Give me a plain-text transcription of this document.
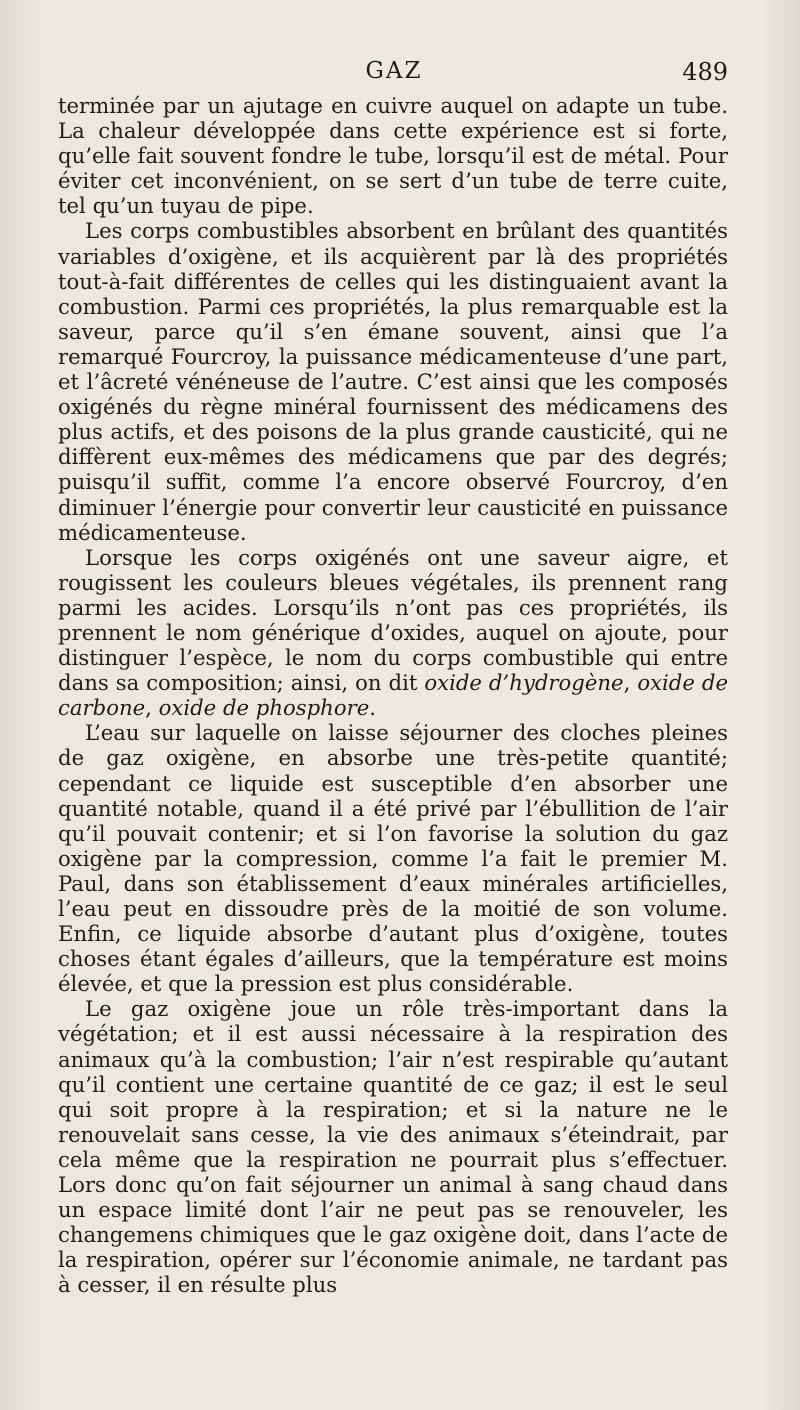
GAZ	489

terminée par un ajutage en cuivre auquel on adapte un tube. La chaleur développée dans cette expérience est si forte, qu’elle fait souvent fondre le tube, lorsqu’il est de métal. Pour éviter cet inconvénient, on se sert d’un tube de terre cuite, tel qu’un tuyau de pipe.

Les corps combustibles absorbent en brûlant des quantités variables d’oxigène, et ils acquièrent par là des propriétés tout-à-fait différentes de celles qui les distinguaient avant la combustion. Parmi ces propriétés, la plus remarquable est la saveur, parce qu’il s’en émane souvent, ainsi que l’a remarqué Fourcroy, la puissance médicamenteuse d’une part, et l’âcreté vénéneuse de l’autre. C’est ainsi que les composés oxigénés du règne minéral fournissent des médicamens des plus actifs, et des poisons de la plus grande causticité, qui ne diffèrent eux-mêmes des médicamens que par des degrés; puisqu’il suffit, comme l’a encore observé Fourcroy, d’en diminuer l’énergie pour convertir leur causticité en puissance médicamenteuse.

Lorsque les corps oxigénés ont une saveur aigre, et rougissent les couleurs bleues végétales, ils prennent rang parmi les acides. Lorsqu’ils n’ont pas ces propriétés, ils prennent le nom générique d’oxides, auquel on ajoute, pour distinguer l’espèce, le nom du corps combustible qui entre dans sa composition; ainsi, on dit oxide d’hydrogène, oxide de carbone, oxide de phosphore.

L’eau sur laquelle on laisse séjourner des cloches pleines de gaz oxigène, en absorbe une très-petite quantité; cependant ce liquide est susceptible d’en absorber une quantité notable, quand il a été privé par l’ébullition de l’air qu’il pouvait contenir; et si l’on favorise la solution du gaz oxigène par la compression, comme l’a fait le premier M. Paul, dans son établissement d’eaux minérales artificielles, l’eau peut en dissoudre près de la moitié de son volume. Enfin, ce liquide absorbe d’autant plus d’oxigène, toutes choses étant égales d’ailleurs, que la température est moins élevée, et que la pression est plus considérable.

Le gaz oxigène joue un rôle très-important dans la végétation; et il est aussi nécessaire à la respiration des animaux qu’à la combustion; l’air n’est respirable qu’autant qu’il contient une certaine quantité de ce gaz; il est le seul qui soit propre à la respiration; et si la nature ne le renouvelait sans cesse, la vie des animaux s’éteindrait, par cela même que la respiration ne pourrait plus s’effectuer. Lors donc qu’on fait séjourner un animal à sang chaud dans un espace limité dont l’air ne peut pas se renouveler, les changemens chimiques que le gaz oxigène doit, dans l’acte de la respiration, opérer sur l’économie animale, ne tardant pas à cesser, il en résulte plus
